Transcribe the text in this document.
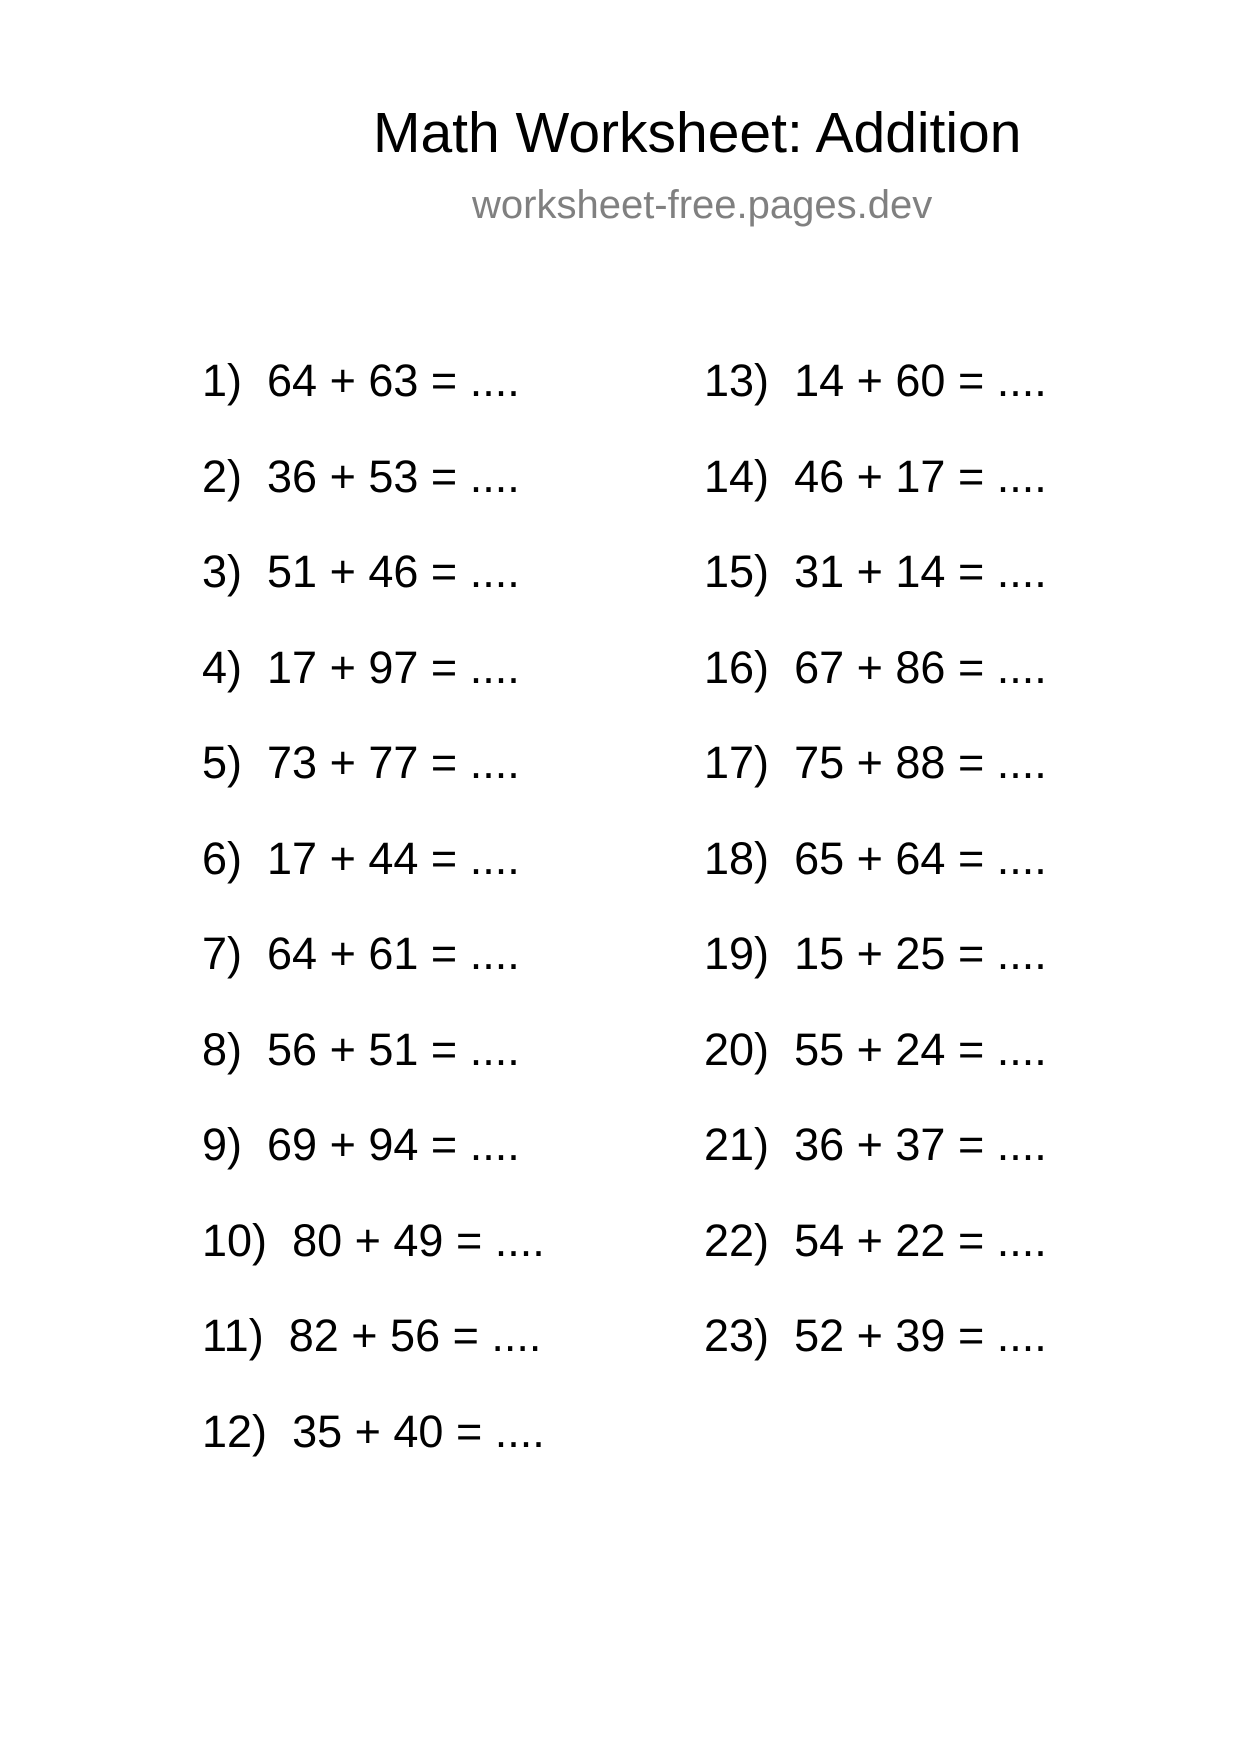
Math Worksheet: Addition
worksheet-free.pages.dev
1) 64 + 63 = ....
2) 36 + 53 = ....
3) 51 + 46 = ....
4) 17 + 97 = ....
5) 73 + 77 = ....
6) 17 + 44 = ....
7) 64 + 61 = ....
8) 56 + 51 = ....
9) 69 + 94 = ....
10) 80 + 49 = ....
11) 82 + 56 = ....
12) 35 + 40 = ....
13) 14 + 60 = ....
14) 46 + 17 = ....
15) 31 + 14 = ....
16) 67 + 86 = ....
17) 75 + 88 = ....
18) 65 + 64 = ....
19) 15 + 25 = ....
20) 55 + 24 = ....
21) 36 + 37 = ....
22) 54 + 22 = ....
23) 52 + 39 = ....
